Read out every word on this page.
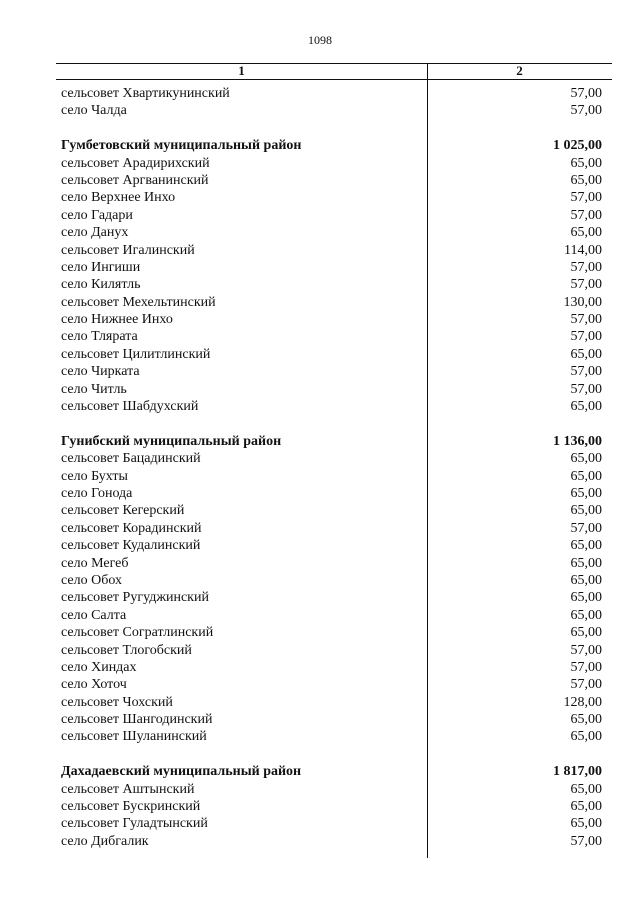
1098
1	2
сельсовет Хвартикунинский	57,00
село Чалда	57,00
Гумбетовский муниципальный район	1 025,00
сельсовет Арадирихский	65,00
сельсовет Аргванинский	65,00
село Верхнее Инхо	57,00
село Гадари	57,00
село Данух	65,00
сельсовет Игалинский	114,00
село Ингиши	57,00
село Килятль	57,00
сельсовет Мехельтинский	130,00
село Нижнее Инхо	57,00
село Тлярата	57,00
сельсовет Цилитлинский	65,00
село Чирката	57,00
село Читль	57,00
сельсовет Шабдухский	65,00
Гунибский муниципальный район	1 136,00
сельсовет Бацадинский	65,00
село Бухты	65,00
село Гонода	65,00
сельсовет Кегерский	65,00
сельсовет Корадинский	57,00
сельсовет Кудалинский	65,00
село Мегеб	65,00
село Обох	65,00
сельсовет Ругуджинский	65,00
село Салта	65,00
сельсовет Согратлинский	65,00
сельсовет Тлогобский	57,00
село Хиндах	57,00
село Хоточ	57,00
сельсовет Чохский	128,00
сельсовет Шангодинский	65,00
сельсовет Шуланинский	65,00
Дахадаевский муниципальный район	1 817,00
сельсовет Аштынский	65,00
сельсовет Бускринский	65,00
сельсовет Гуладтынский	65,00
село Дибгалик	57,00
